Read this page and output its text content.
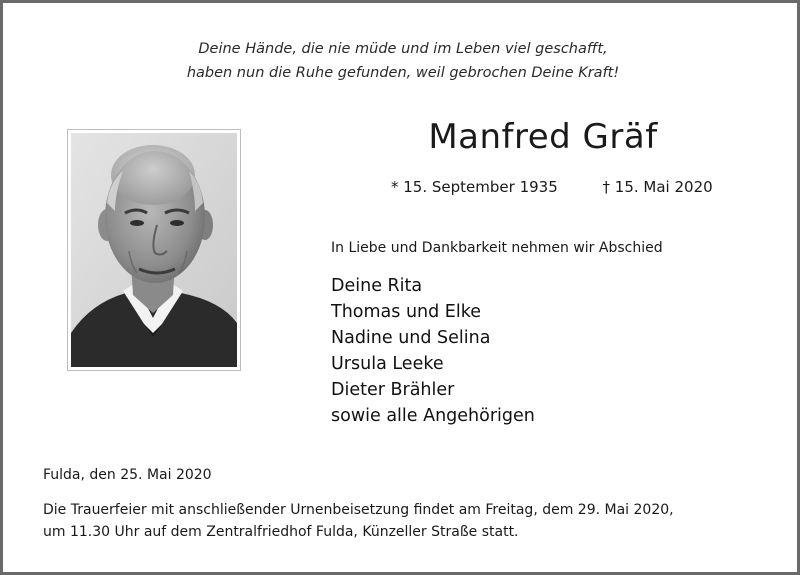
Deine Hände, die nie müde und im Leben viel geschafft,
haben nun die Ruhe gefunden, weil gebrochen Deine Kraft!
Manfred Gräf
* 15. September 1935	† 15. Mai 2020
In Liebe und Dankbarkeit nehmen wir Abschied
Deine Rita
Thomas und Elke
Nadine und Selina
Ursula Leeke
Dieter Brähler
sowie alle Angehörigen
Fulda, den 25. Mai 2020
Die Trauerfeier mit anschließender Urnenbeisetzung findet am Freitag, dem 29. Mai 2020,
um 11.30 Uhr auf dem Zentralfriedhof Fulda, Künzeller Straße statt.
